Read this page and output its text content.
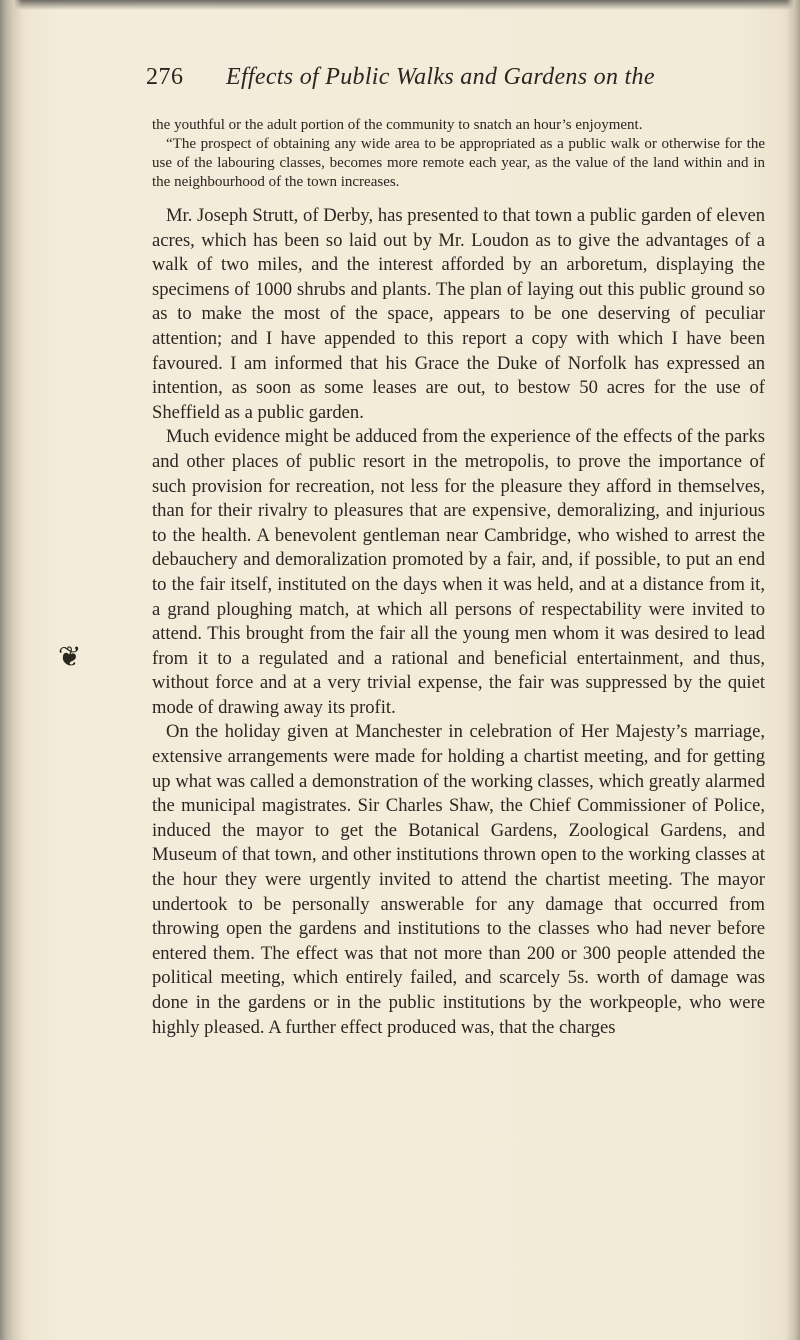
❦
276 Effects of Public Walks and Gardens on the

the youthful or the adult portion of the community to snatch an hour’s enjoyment.

“The prospect of obtaining any wide area to be appropriated as a public walk or otherwise for the use of the labouring classes, becomes more remote each year, as the value of the land within and in the neighbourhood of the town increases.

Mr. Joseph Strutt, of Derby, has presented to that town a public garden of eleven acres, which has been so laid out by Mr. Loudon as to give the advantages of a walk of two miles, and the interest afforded by an arboretum, displaying the specimens of 1000 shrubs and plants. The plan of laying out this public ground so as to make the most of the space, appears to be one deserving of peculiar attention; and I have appended to this report a copy with which I have been favoured. I am informed that his Grace the Duke of Norfolk has expressed an intention, as soon as some leases are out, to bestow 50 acres for the use of Sheffield as a public garden.

Much evidence might be adduced from the experience of the effects of the parks and other places of public resort in the metropolis, to prove the importance of such provision for recreation, not less for the pleasure they afford in themselves, than for their rivalry to pleasures that are expensive, demoralizing, and injurious to the health. A benevolent gentleman near Cambridge, who wished to arrest the debauchery and demoralization promoted by a fair, and, if possible, to put an end to the fair itself, instituted on the days when it was held, and at a distance from it, a grand ploughing match, at which all persons of respectability were invited to attend. This brought from the fair all the young men whom it was desired to lead from it to a regulated and a rational and beneficial entertainment, and thus, without force and at a very trivial expense, the fair was suppressed by the quiet mode of drawing away its profit.

On the holiday given at Manchester in celebration of Her Majesty’s marriage, extensive arrangements were made for holding a chartist meeting, and for getting up what was called a demonstration of the working classes, which greatly alarmed the municipal magistrates. Sir Charles Shaw, the Chief Commissioner of Police, induced the mayor to get the Botanical Gardens, Zoological Gardens, and Museum of that town, and other institutions thrown open to the working classes at the hour they were urgently invited to attend the chartist meeting. The mayor undertook to be personally answerable for any damage that occurred from throwing open the gardens and institutions to the classes who had never before entered them. The effect was that not more than 200 or 300 people attended the political meeting, which entirely failed, and scarcely 5s. worth of damage was done in the gardens or in the public institutions by the workpeople, who were highly pleased. A further effect produced was, that the charges
